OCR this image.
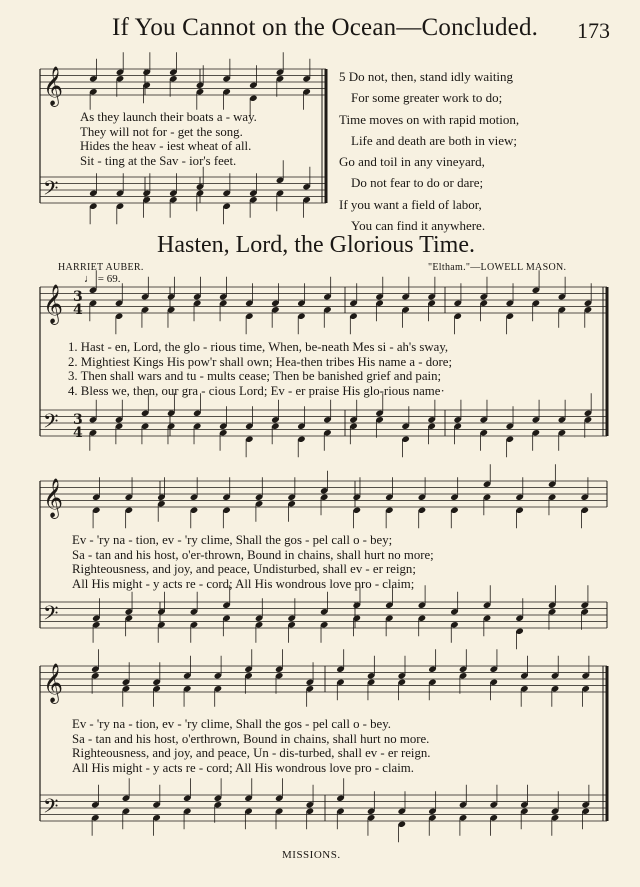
If You Cannot on the Ocean—Concluded. 173
As they launch their boats a - way.
They will not for - get the song.
Hides the heav - iest wheat of all.
Sit - ting at the Sav - ior's feet.
5 Do not, then, stand idly waiting
For some greater work to do;
Time moves on with rapid motion,
Life and death are both in view;
Go and toil in any vineyard,
Do not fear to do or dare;
If you want a field of labor,
You can find it anywhere.
Hasten, Lord, the Glorious Time.
HARRIET AUBER.	"Eltham."—LOWELL MASON.
♩ = 69.
1. Hast - en, Lord, the glo - rious time, When, be-neath Mes si - ah's sway,
2. Mightiest Kings His pow'r shall own; Hea-then tribes His name a - dore;
3. Then shall wars and tu - mults cease; Then be banished grief and pain;
4. Bless we, then, our gra - cious Lord; Ev - er praise His glo-rious name·
Ev - 'ry na - tion, ev - 'ry clime, Shall the gos - pel call o - bey;
Sa - tan and his host, o'er-thrown, Bound in chains, shall hurt no more;
Righteousness, and joy, and peace, Undisturbed, shall ev - er reign;
All His might - y acts re - cord; All His wondrous love pro - claim;
Ev - 'ry na - tion, ev - 'ry clime, Shall the gos - pel call o - bey.
Sa - tan and his host, o'erthrown, Bound in chains, shall hurt no more.
Righteousness, and joy, and peace, Un - dis-turbed, shall ev - er reign.
All His might - y acts re - cord; All His wondrous love pro - claim.
MISSIONS.
𝄞
𝄢
𝄞
𝄢
𝄞
𝄢
𝄞
𝄢
3
4
3
4
